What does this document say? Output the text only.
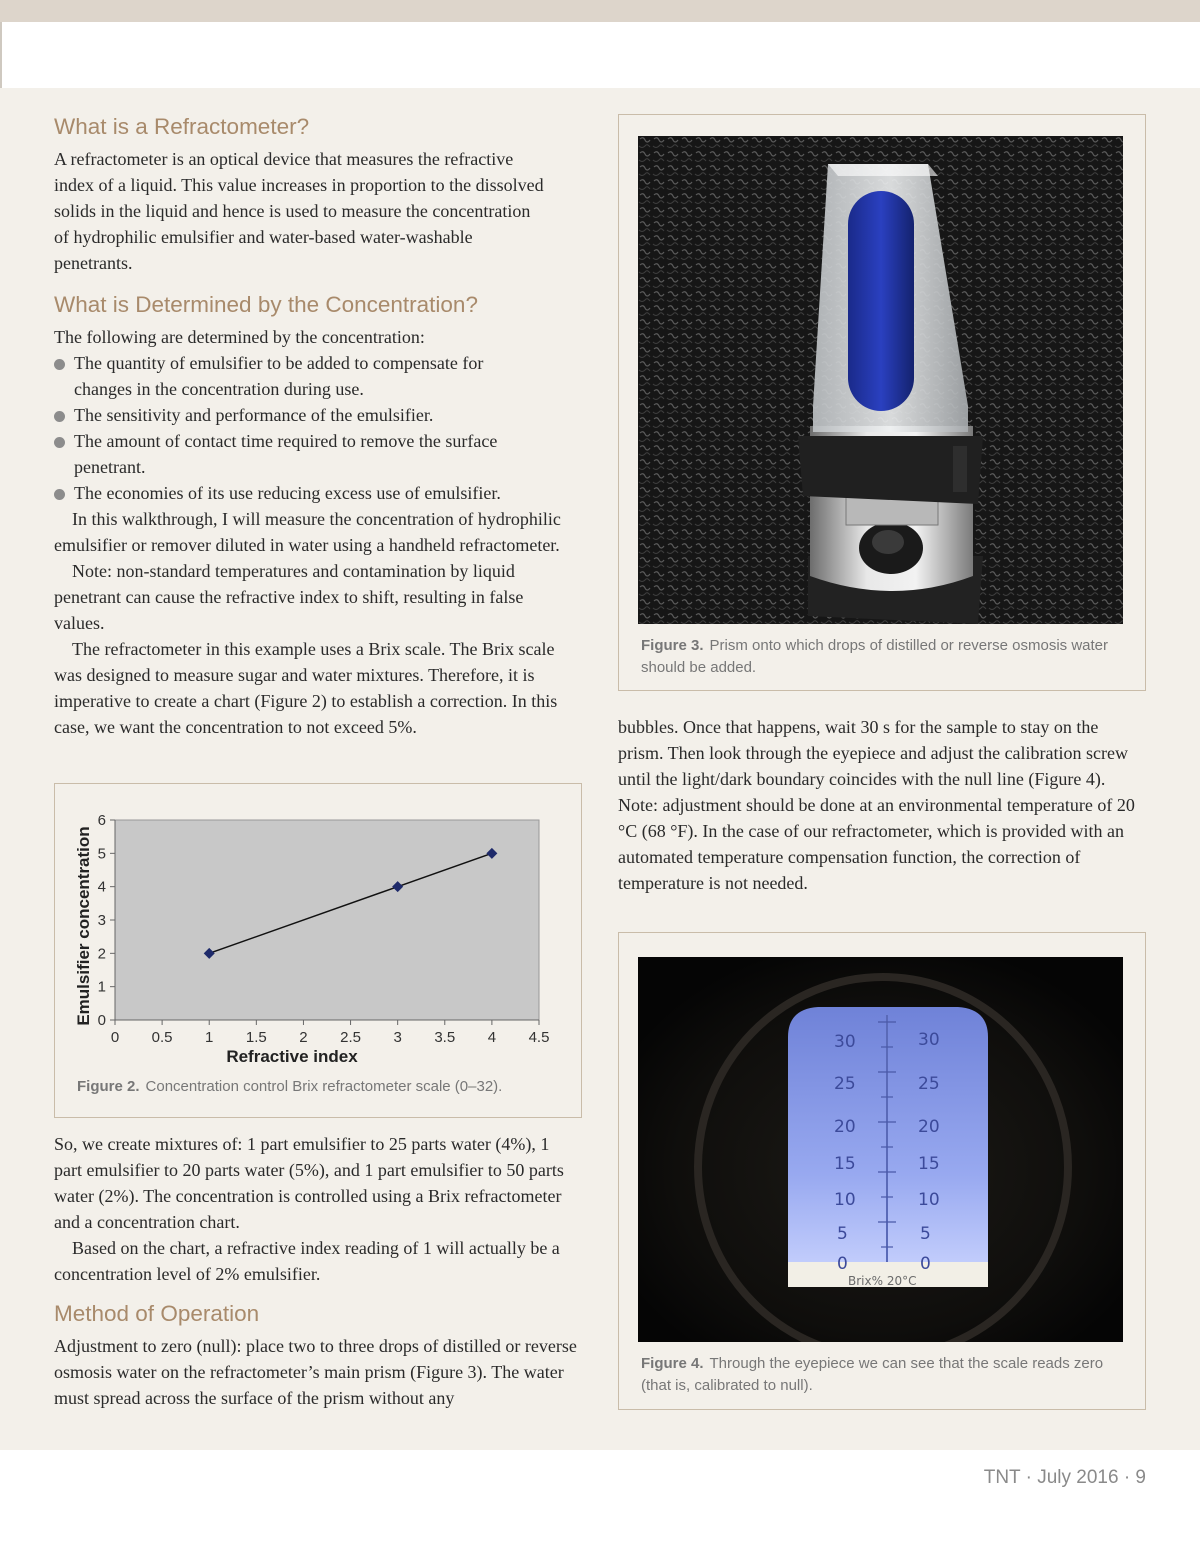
What is a Refractometer?

A refractometer is an optical device that measures the refractive index of a liquid. This value increases in proportion to the dissolved solids in the liquid and hence is used to measure the concentration of hydrophilic emulsifier and water-based water-washable penetrants.

What is Determined by the Concentration?

The following are determined by the concentration:

The quantity of emulsifier to be added to compensate for changes in the concentration during use.
The sensitivity and performance of the emulsifier.
The amount of contact time required to remove the surface penetrant.
The economies of its use reducing excess use of emulsifier.

In this walkthrough, I will measure the concentration of hydrophilic emulsifier or remover diluted in water using a handheld refractometer.

Note: non-standard temperatures and contamination by liquid penetrant can cause the refractive index to shift, resulting in false values.

The refractometer in this example uses a Brix scale. The Brix scale was designed to measure sugar and water mixtures. Therefore, it is imperative to create a chart (Figure 2) to establish a correction. In this case, we want the concentration to not exceed 5%.

0
1
2
3
4
5
6
0 0.5 1 1.5 2 2.5 3 3.5 4 4.5
Refractive index
Emulsifier concentration
Figure 2. Concentration control Brix refractometer scale (0–32).

So, we create mixtures of: 1 part emulsifier to 25 parts water (4%), 1 part emulsifier to 20 parts water (5%), and 1 part emulsifier to 50 parts water (2%). The concentration is controlled using a Brix refractometer and a concentration chart.

Based on the chart, a refractive index reading of 1 will actually be a concentration level of 2% emulsifier.

Method of Operation

Adjustment to zero (null): place two to three drops of distilled or reverse osmosis water on the refractometer’s main prism (Figure 3). The water must spread across the surface of the prism without any

Figure 3. Prism onto which drops of distilled or reverse osmosis water should be added.

bubbles. Once that happens, wait 30 s for the sample to stay on the prism. Then look through the eyepiece and adjust the calibration screw until the light/dark boundary coincides with the null line (Figure 4). Note: adjustment should be done at an environmental temperature of 20 °C (68 °F). In the case of our refractometer, which is provided with an automated temperature compensation function, the correction of temperature is not needed.

30
25
20
15
10
5
0
30
25
20
15
10
5
0
Brix% 20°C
Figure 4. Through the eyepiece we can see that the scale reads zero (that is, calibrated to null).
TNT · July 2016 · 9
